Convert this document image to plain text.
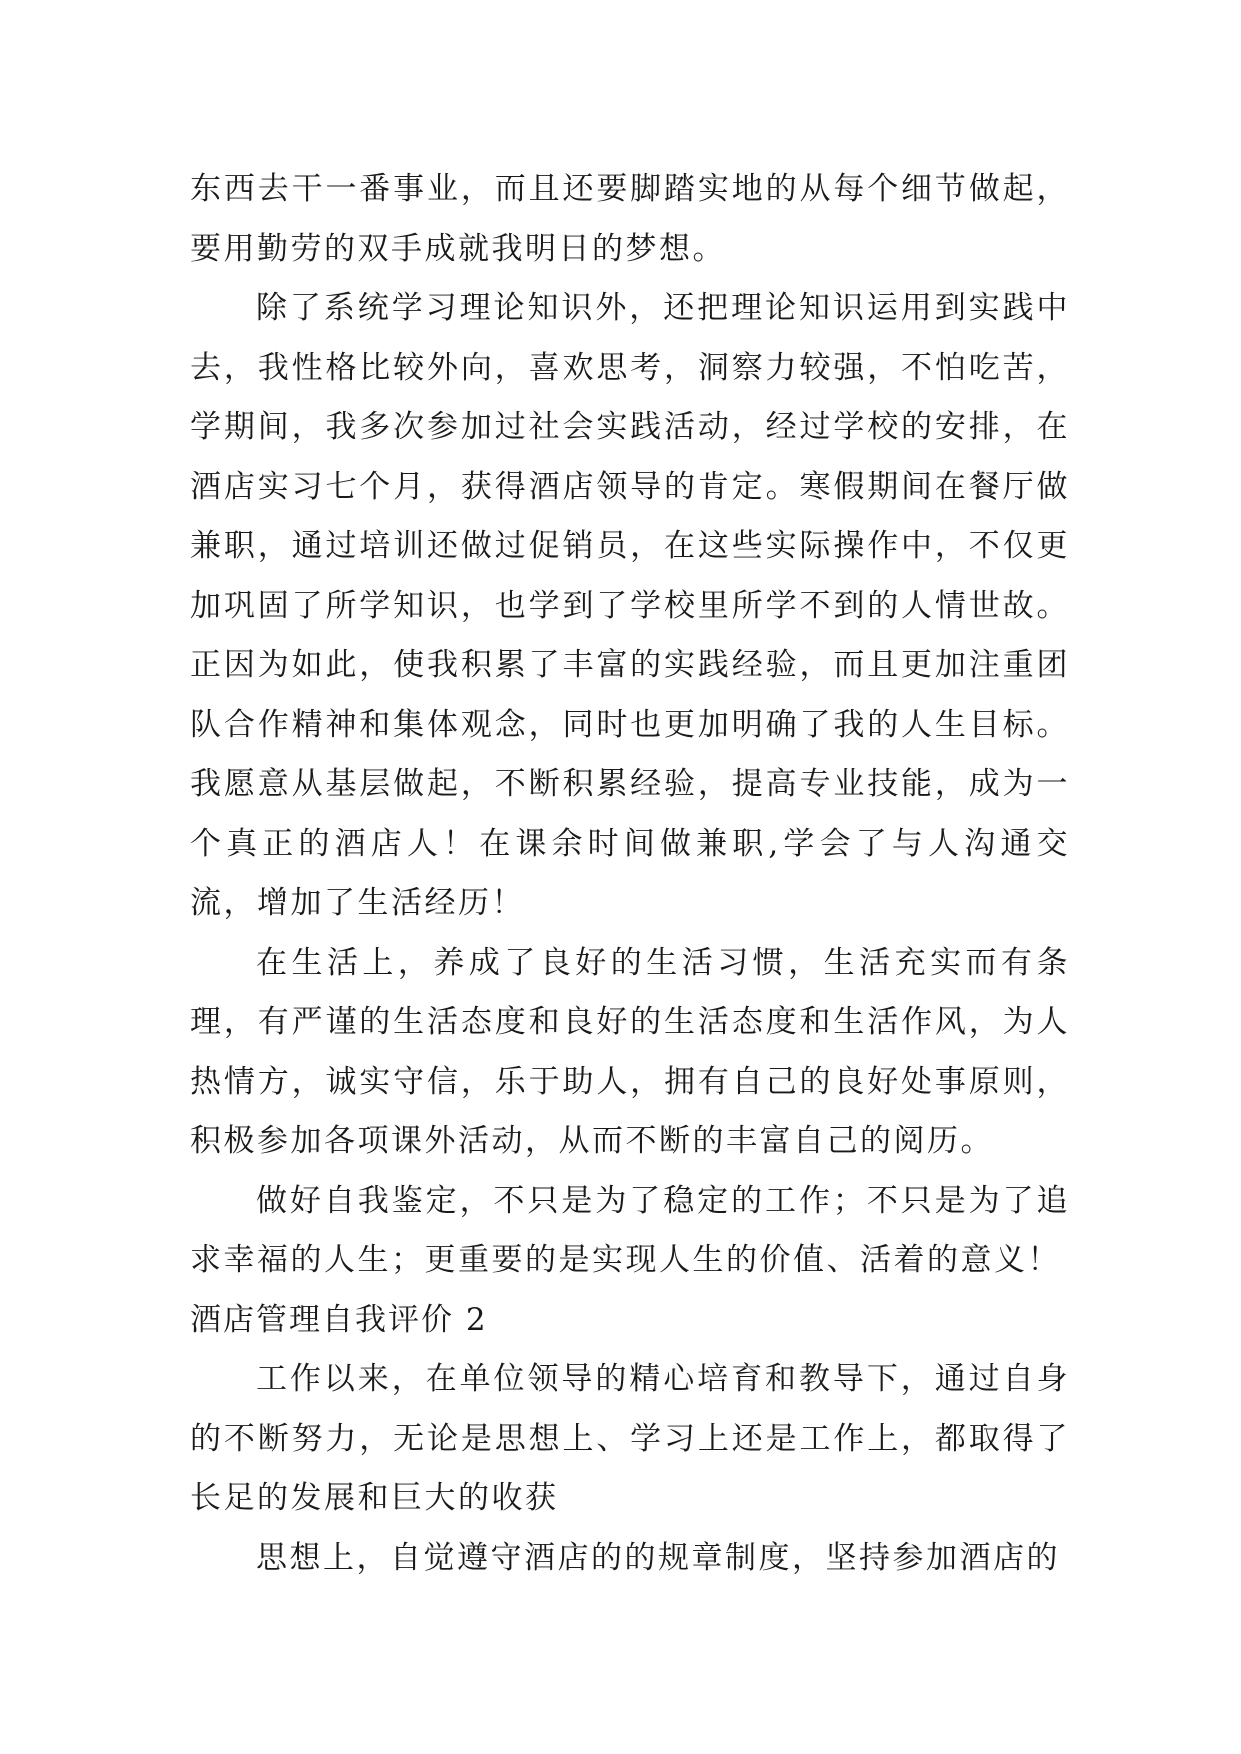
东西去干一番事业，而且还要脚踏实地的从每个细节做起，要用勤劳的双手成就我明日的梦想。

除了系统学习理论知识外，还把理论知识运用到实践中去，我性格比较外向，喜欢思考，洞察力较强，不怕吃苦，学期间，我多次参加过社会实践活动，经过学校的安排，在酒店实习七个月，获得酒店领导的肯定。寒假期间在餐厅做兼职，通过培训还做过促销员，在这些实际操作中，不仅更加巩固了所学知识，也学到了学校里所学不到的人情世故。正因为如此，使我积累了丰富的实践经验，而且更加注重团队合作精神和集体观念，同时也更加明确了我的人生目标。我愿意从基层做起，不断积累经验，提高专业技能，成为一个真正的酒店人！在课余时间做兼职,学会了与人沟通交流，增加了生活经历！

在生活上，养成了良好的生活习惯，生活充实而有条理，有严谨的生活态度和良好的生活态度和生活作风，为人热情方，诚实守信，乐于助人，拥有自己的良好处事原则，积极参加各项课外活动，从而不断的丰富自己的阅历。

做好自我鉴定，不只是为了稳定的工作；不只是为了追求幸福的人生；更重要的是实现人生的价值、活着的意义！

酒店管理自我评价 2

工作以来，在单位领导的精心培育和教导下，通过自身的不断努力，无论是思想上、学习上还是工作上，都取得了长足的发展和巨大的收获

思想上，自觉遵守酒店的的规章制度，坚持参加酒店的
